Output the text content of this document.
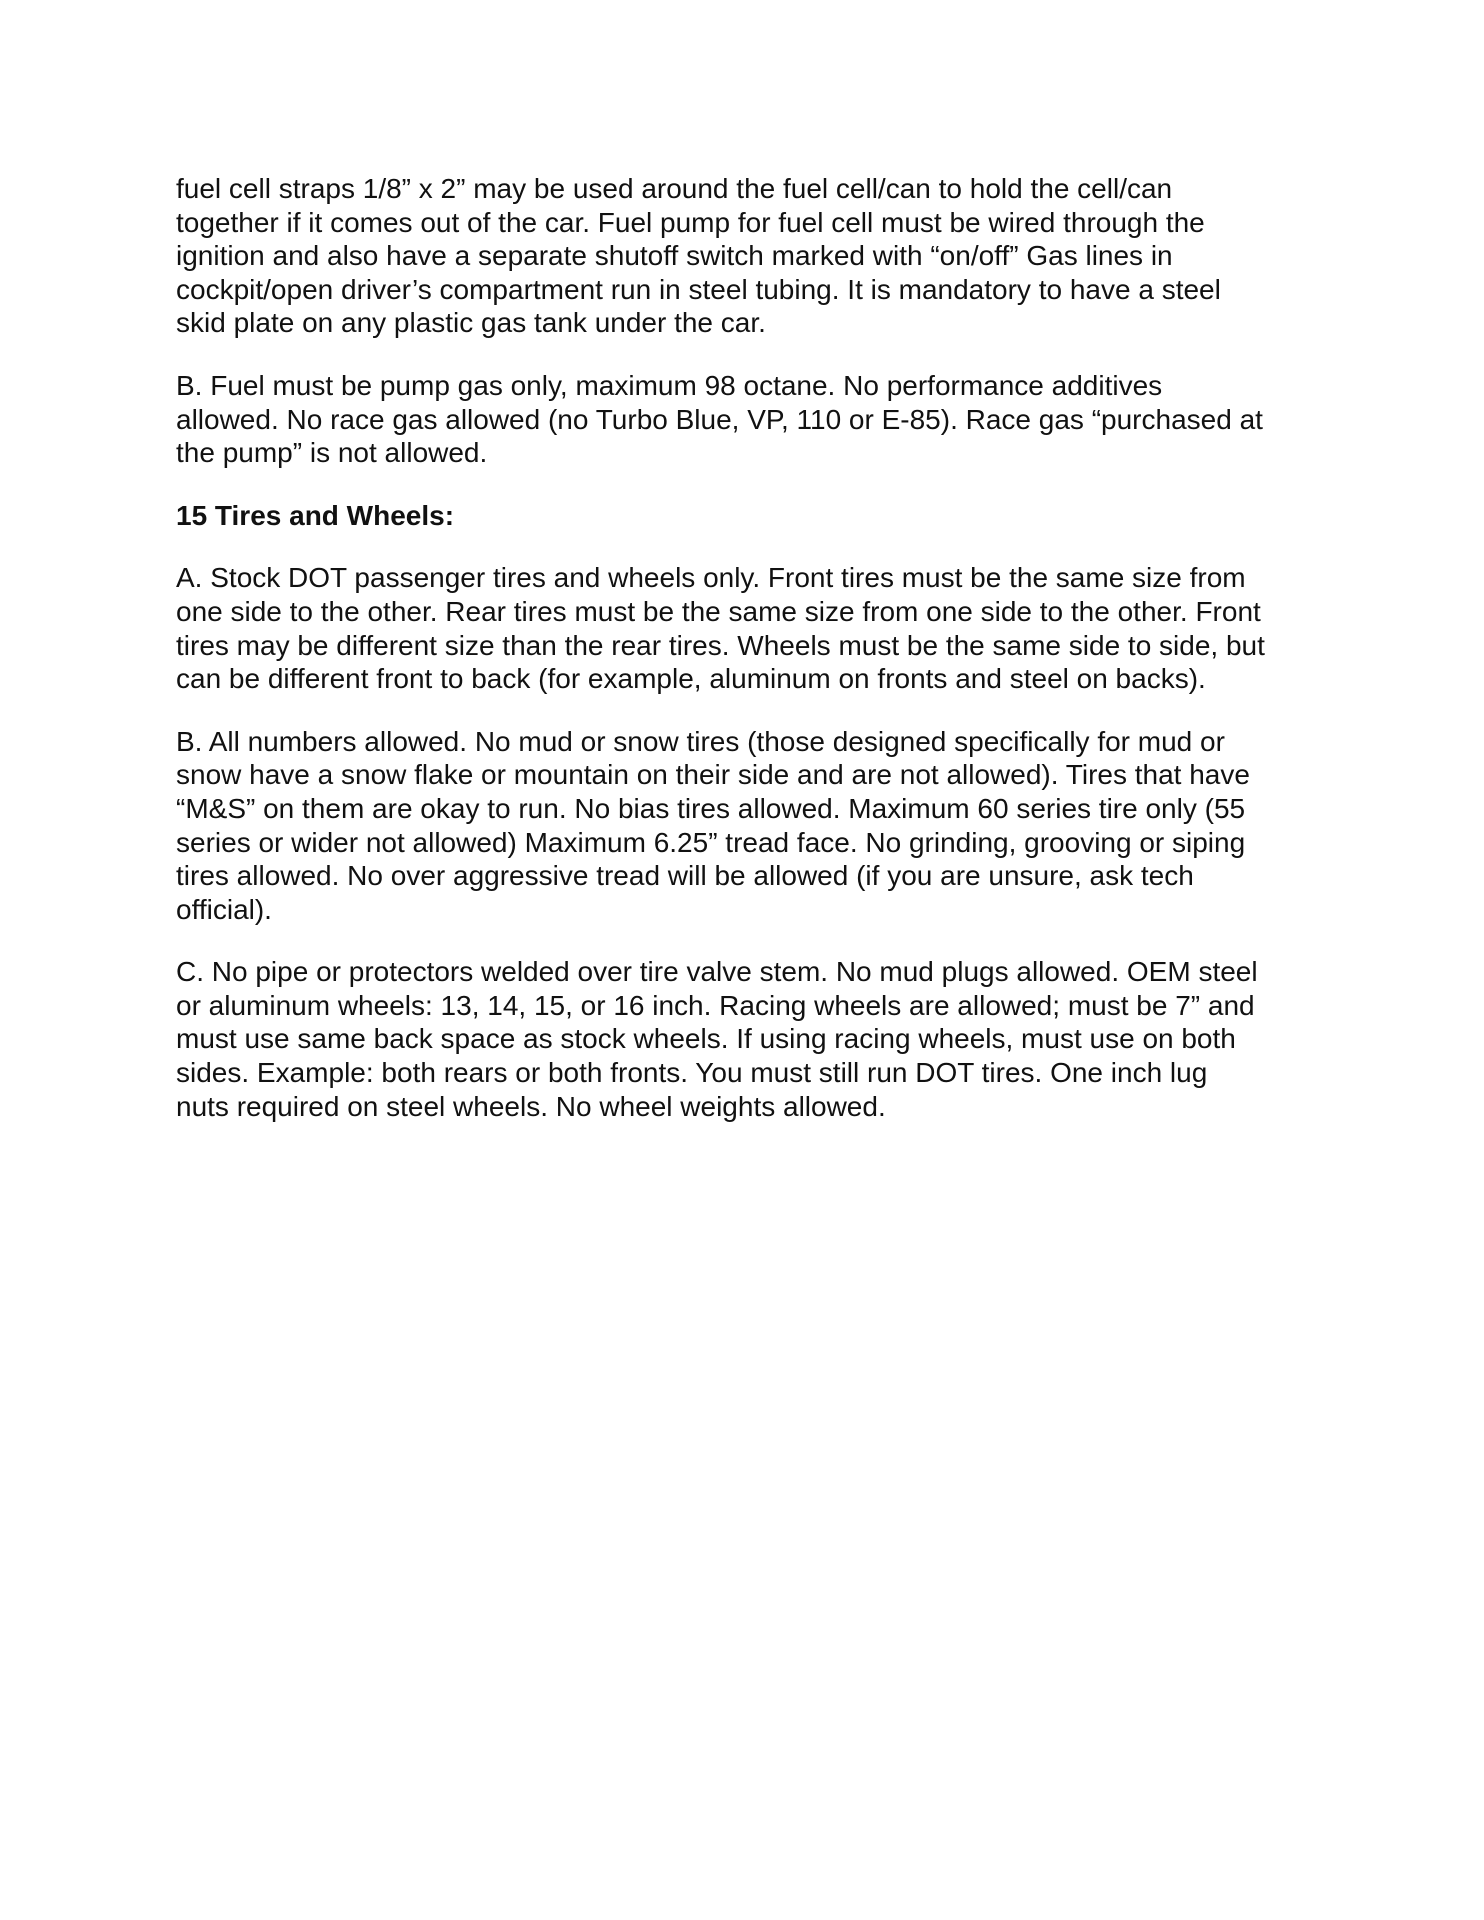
fuel cell straps 1/8” x 2” may be used around the fuel cell/can to hold the cell/can
together if it comes out of the car. Fuel pump for fuel cell must be wired through the
ignition and also have a separate shutoff switch marked with “on/off” Gas lines in
cockpit/open driver’s compartment run in steel tubing. It is mandatory to have a steel
skid plate on any plastic gas tank under the car.

B. Fuel must be pump gas only, maximum 98 octane. No performance additives
allowed. No race gas allowed (no Turbo Blue, VP, 110 or E-85). Race gas “purchased at
the pump” is not allowed.

15 Tires and Wheels:

A. Stock DOT passenger tires and wheels only. Front tires must be the same size from
one side to the other. Rear tires must be the same size from one side to the other. Front
tires may be different size than the rear tires. Wheels must be the same side to side, but
can be different front to back (for example, aluminum on fronts and steel on backs).

B. All numbers allowed. No mud or snow tires (those designed specifically for mud or
snow have a snow flake or mountain on their side and are not allowed). Tires that have
“M&S” on them are okay to run. No bias tires allowed. Maximum 60 series tire only (55
series or wider not allowed) Maximum 6.25” tread face. No grinding, grooving or siping
tires allowed. No over aggressive tread will be allowed (if you are unsure, ask tech
official).

C. No pipe or protectors welded over tire valve stem. No mud plugs allowed. OEM steel
or aluminum wheels: 13, 14, 15, or 16 inch. Racing wheels are allowed; must be 7” and
must use same back space as stock wheels. If using racing wheels, must use on both
sides. Example: both rears or both fronts. You must still run DOT tires. One inch lug
nuts required on steel wheels. No wheel weights allowed.
